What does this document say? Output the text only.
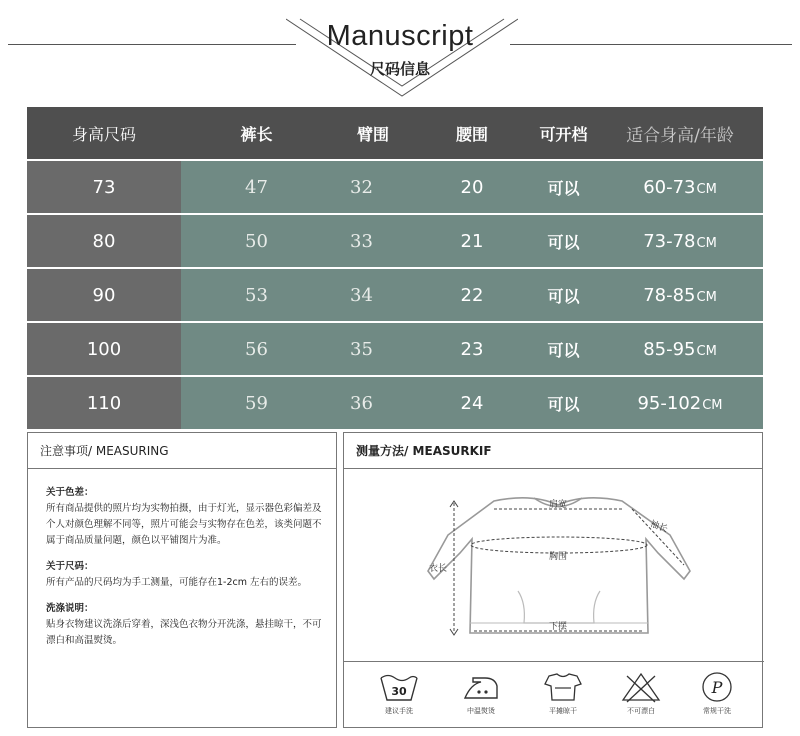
Manuscript
尺码信息
身高尺码	裤长	臂围	腰围	可开档	适合身高/年龄
73	47	32	20	可以	60-73 CM
80	50	33	21	可以	73-78 CM
90	53	34	22	可以	78-85 CM
100	56	35	23	可以	85-95 CM
110	59	36	24	可以	95-102 CM
注意事项/ MEASURING
关于色差：
所有商品提供的照片均为实物拍摄，由于灯光，显示器色彩偏差及个人对颜色理解不同等，照片可能会与实物存在色差，该类问题不属于商品质量问题，颜色以平铺图片为准。
关于尺码：
所有产品的尺码均为手工测量，可能存在1-2cm 左右的误差。
洗涤说明：
贴身衣物建议洗涤后穿着，深浅色衣物分开洗涤，悬挂晾干，不可漂白和高温熨烫。
测量方法/ MEASURKIF
肩宽
袖长
胸围
衣长
下摆
30
建议手洗	中温熨烫	平摊晾干	不可漂白
P
常规干洗
